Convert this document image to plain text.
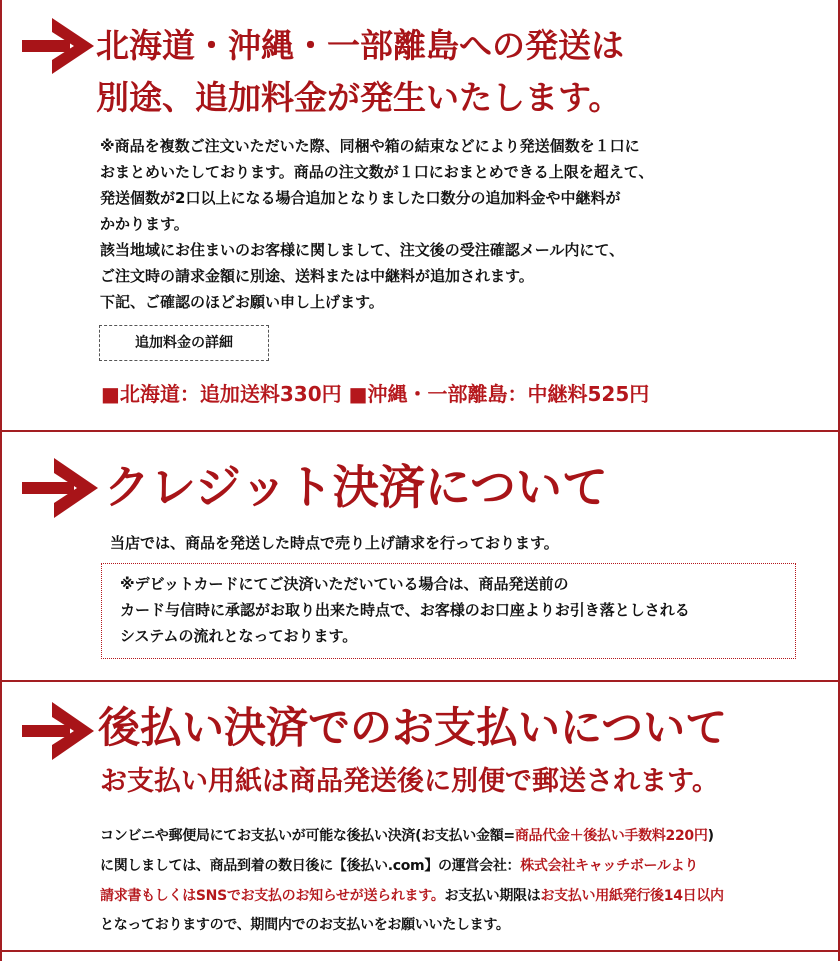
北海道・沖縄・一部離島への発送は
別途、追加料金が発生いたします。
※商品を複数ご注文いただいた際、同梱や箱の結束などにより発送個数を１口に
おまとめいたしております。商品の注文数が１口におまとめできる上限を超えて、
発送個数が2口以上になる場合追加となりました口数分の追加料金や中継料が
かかります。
該当地域にお住まいのお客様に関しまして、注文後の受注確認メール内にて、
ご注文時の請求金額に別途、送料または中継料が追加されます。
下記、ご確認のほどお願い申し上げます。
追加料金の詳細
■北海道：追加送料330円 ■沖縄・一部離島：中継料525円
クレジット決済について
当店では、商品を発送した時点で売り上げ請求を行っております。
※デビットカードにてご決済いただいている場合は、商品発送前の
カード与信時に承認がお取り出来た時点で、お客様のお口座よりお引き落としされる
システムの流れとなっております。
後払い決済でのお支払いについて
お支払い用紙は商品発送後に別便で郵送されます。
コンビニや郵便局にてお支払いが可能な後払い決済(お支払い金額=商品代金＋後払い手数料220円)
に関しましては、商品到着の数日後に【後払い.com】の運営会社：株式会社キャッチボールより
請求書もしくはSNSでお支払のお知らせが送られます。お支払い期限はお支払い用紙発行後14日以内
となっておりますので、期間内でのお支払いをお願いいたします。
